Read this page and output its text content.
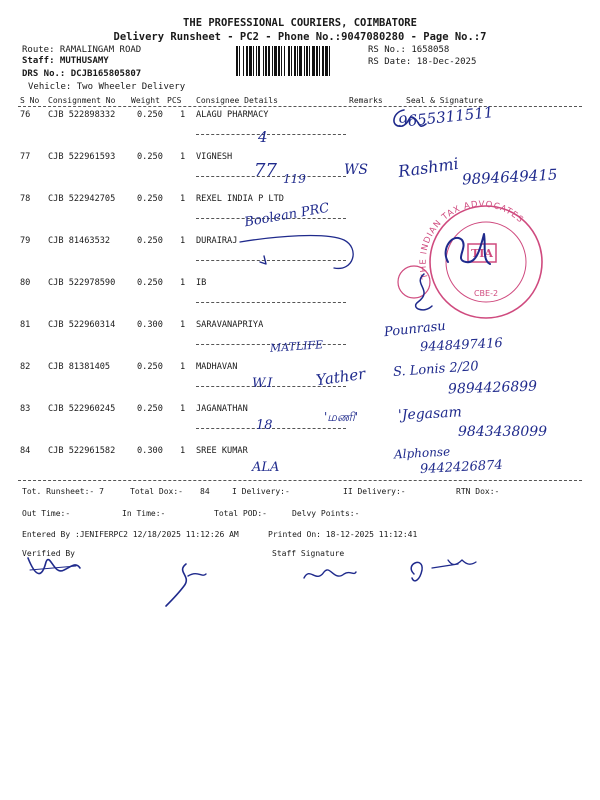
THE PROFESSIONAL COURIERS, COIMBATORE
Delivery Runsheet - PC2 - Phone No.:9047080280 - Page No.:7
Route: RAMALINGAM ROAD
Staff: MUTHUSAMY
DRS No.: DCJB165805807
Vehicle: Two Wheeler Delivery
RS No.: 1658058
RS Date: 18-Dec-2025
S No Consignment No Weight PCS Consignee Details	Remarks	Seal & Signature
76 CJB 522898332	0.250 1 ALAGU PHARMACY
77 CJB 522961593	0.250 1 VIGNESH
78 CJB 522942705	0.250 1 REXEL INDIA P LTD
79 CJB 81463532	0.250 1 DURAIRAJ
80 CJB 522978590	0.250 1 IB
81 CJB 522960314	0.300 1 SARAVANAPRIYA
82 CJB 81381405	0.250 1 MADHAVAN
83 CJB 522960245	0.250 1 JAGANATHAN
84 CJB 522961582	0.300 1 SREE KUMAR
Tot. Runsheet:- 7	Total Dox:- 84	I Delivery:-	II Delivery:-	RTN Dox:-
Out Time:-	In Time:-	Total POD:-	Delvy Points:-
Entered By :JENIFERPC2 12/18/2025 11:12:26 AM	Printed On: 18-12-2025 11:12:41
Verified By	Staff Signature
THE INDIAN TAX ADVOCATES
TIA
CBE-2
9655311511
4
77 119
WS Rashmi 9894649415
Boolean PRC
Pounrasu
9448497416
MATLIFE
W.I	Yather S. Lonis 2/20
9894426899
18
'மணி'	'Jegasam
9843438099
ALA
Alphonse
9442426874
